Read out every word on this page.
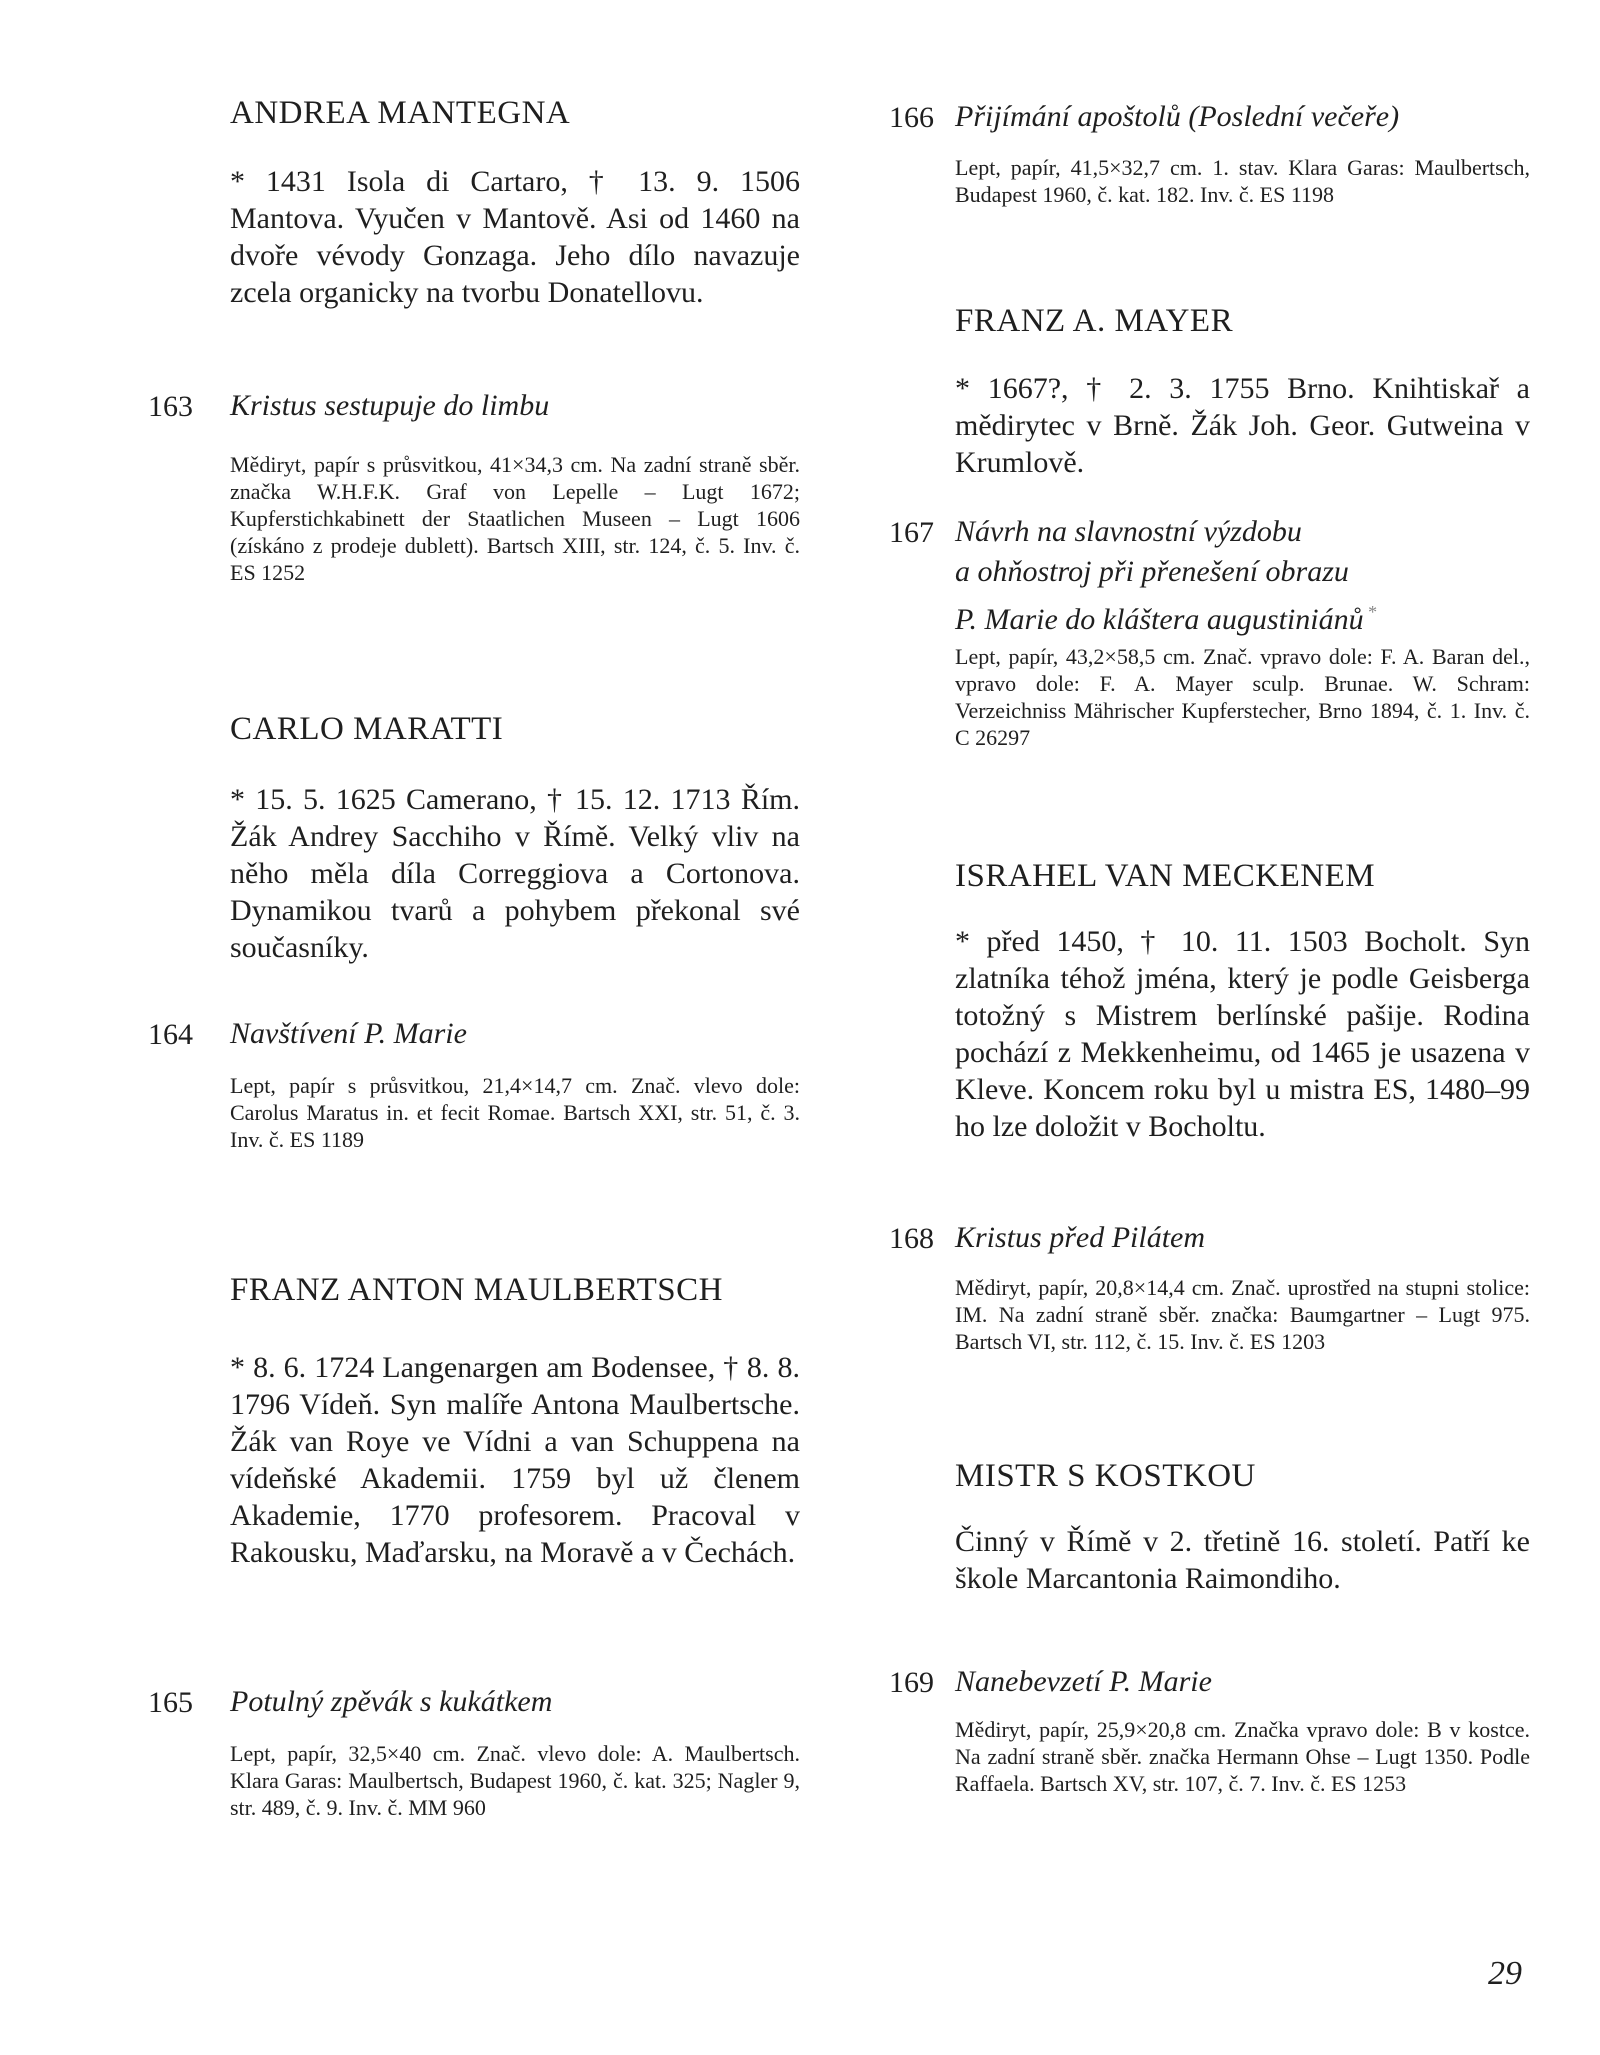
ANDREA MANTEGNA
* 1431 Isola di Cartaro, † 13. 9. 1506 Mantova. Vyučen v Mantově. Asi od 1460 na dvoře vévody Gonzaga. Jeho dílo navazuje zcela organicky na tvorbu Donatellovu.
163 Kristus sestupuje do limbu
Mědiryt, papír s průsvitkou, 41×34,3 cm. Na zadní straně sběr. značka W.H.F.K. Graf von Lepelle – Lugt 1672; Kupferstichkabinett der Staatlichen Museen – Lugt 1606 (získáno z prodeje dublett). Bartsch XIII, str. 124, č. 5. Inv. č. ES 1252
CARLO MARATTI
* 15. 5. 1625 Camerano, † 15. 12. 1713 Řím. Žák Andrey Sacchiho v Římě. Velký vliv na něho měla díla Correggiova a Cortonova. Dynamikou tvarů a pohybem překonal své současníky.
164 Navštívení P. Marie
Lept, papír s průsvitkou, 21,4×14,7 cm. Znač. vlevo dole: Carolus Maratus in. et fecit Romae. Bartsch XXI, str. 51, č. 3. Inv. č. ES 1189
FRANZ ANTON MAULBERTSCH
* 8. 6. 1724 Langenargen am Bodensee, † 8. 8. 1796 Vídeň. Syn malíře Antona Maulbertsche. Žák van Roye ve Vídni a van Schuppena na vídeňské Akademii. 1759 byl už členem Akademie, 1770 profesorem. Pracoval v Rakousku, Maďarsku, na Moravě a v Čechách.
165 Potulný zpěvák s kukátkem
Lept, papír, 32,5×40 cm. Znač. vlevo dole: A. Maulbertsch. Klara Garas: Maulbertsch, Budapest 1960, č. kat. 325; Nagler 9, str. 489, č. 9. Inv. č. MM 960
166 Přijímání apoštolů (Poslední večeře)
Lept, papír, 41,5×32,7 cm. 1. stav. Klara Garas: Maulbertsch, Budapest 1960, č. kat. 182. Inv. č. ES 1198
FRANZ A. MAYER
* 1667?, † 2. 3. 1755 Brno. Knihtiskař a mědirytec v Brně. Žák Joh. Geor. Gutweina v Krumlově.
167 Návrh na slavnostní výzdobu
a ohňostroj při přenešení obrazu
P. Marie do kláštera augustiniánů *
Lept, papír, 43,2×58,5 cm. Znač. vpravo dole: F. A. Baran del., vpravo dole: F. A. Mayer sculp. Brunae. W. Schram: Verzeichniss Mährischer Kupferstecher, Brno 1894, č. 1. Inv. č. C 26297
ISRAHEL VAN MECKENEM
* před 1450, † 10. 11. 1503 Bocholt. Syn zlatníka téhož jména, který je podle Geisberga totožný s Mistrem berlínské pašije. Rodina pochází z Mekkenheimu, od 1465 je usazena v Kleve. Koncem roku byl u mistra ES, 1480–99 ho lze doložit v Bocholtu.
168 Kristus před Pilátem
Mědiryt, papír, 20,8×14,4 cm. Znač. uprostřed na stupni stolice: IM. Na zadní straně sběr. značka: Baumgartner – Lugt 975. Bartsch VI, str. 112, č. 15. Inv. č. ES 1203
MISTR S KOSTKOU
Činný v Římě v 2. třetině 16. století. Patří ke škole Marcantonia Raimondiho.
169 Nanebevzetí P. Marie
Mědiryt, papír, 25,9×20,8 cm. Značka vpravo dole: B v kostce. Na zadní straně sběr. značka Hermann Ohse – Lugt 1350. Podle Raffaela. Bartsch XV, str. 107, č. 7. Inv. č. ES 1253
29
